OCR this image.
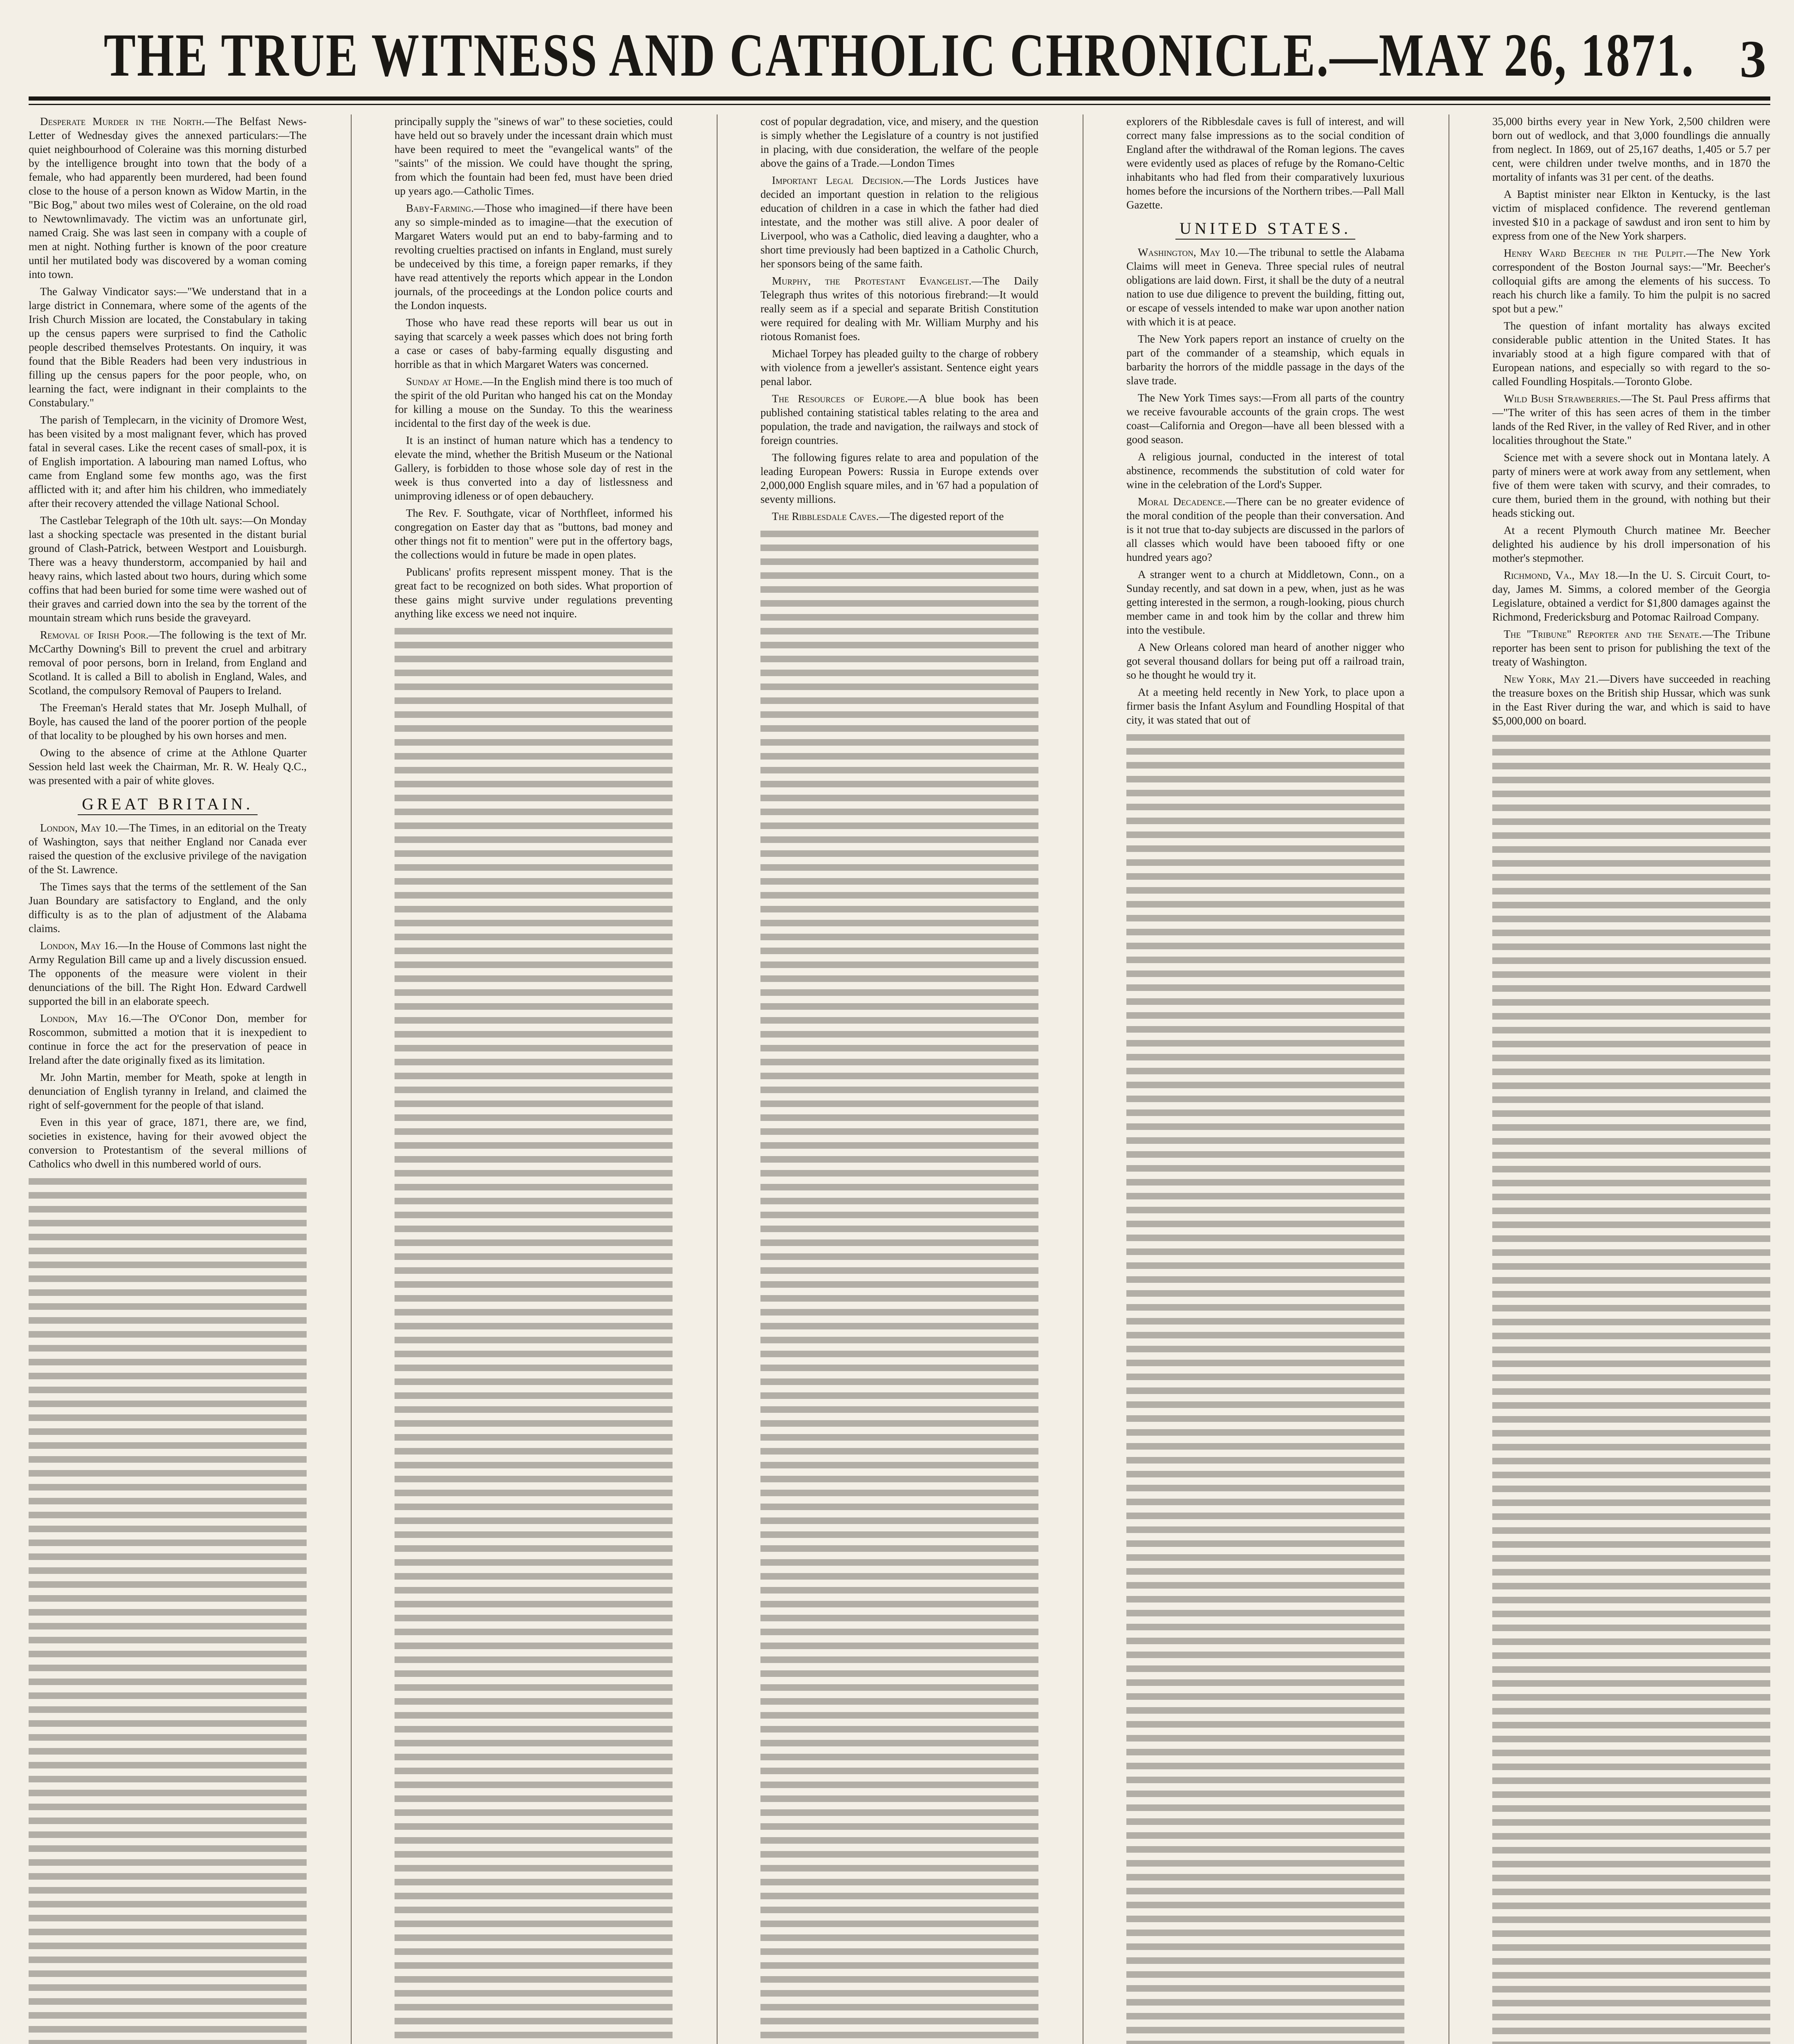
THE TRUE WITNESS AND CATHOLIC CHRONICLE.—MAY 26, 1871. 3

Desperate Murder in the North.—The Belfast News-Letter of Wednesday gives the annexed particulars:—The quiet neighbourhood of Coleraine was this morning disturbed by the intelligence brought into town that the body of a female, who had apparently been murdered, had been found close to the house of a person known as Widow Martin, in the "Bic Bog," about two miles west of Coleraine, on the old road to Newtownlimavady. The victim was an unfortunate girl, named Craig. She was last seen in company with a couple of men at night. Nothing further is known of the poor creature until her mutilated body was discovered by a woman coming into town.

The Galway Vindicator says:—"We understand that in a large district in Connemara, where some of the agents of the Irish Church Mission are located, the Constabulary in taking up the census papers were surprised to find the Catholic people described themselves Protestants. On inquiry, it was found that the Bible Readers had been very industrious in filling up the census papers for the poor people, who, on learning the fact, were indignant in their complaints to the Constabulary."

The parish of Templecarn, in the vicinity of Dromore West, has been visited by a most malignant fever, which has proved fatal in several cases. Like the recent cases of small-pox, it is of English importation. A labouring man named Loftus, who came from England some few months ago, was the first afflicted with it; and after him his children, who immediately after their recovery attended the village National School.

The Castlebar Telegraph of the 10th ult. says:—On Monday last a shocking spectacle was presented in the distant burial ground of Clash-Patrick, between Westport and Louisburgh. There was a heavy thunderstorm, accompanied by hail and heavy rains, which lasted about two hours, during which some coffins that had been buried for some time were washed out of their graves and carried down into the sea by the torrent of the mountain stream which runs beside the graveyard.

Removal of Irish Poor.—The following is the text of Mr. McCarthy Downing's Bill to prevent the cruel and arbitrary removal of poor persons, born in Ireland, from England and Scotland. It is called a Bill to abolish in England, Wales, and Scotland, the compulsory Removal of Paupers to Ireland.

The Freeman's Herald states that Mr. Joseph Mulhall, of Boyle, has caused the land of the poorer portion of the people of that locality to be ploughed by his own horses and men.

Owing to the absence of crime at the Athlone Quarter Session held last week the Chairman, Mr. R. W. Healy Q.C., was presented with a pair of white gloves.

GREAT BRITAIN.

London, May 10.—The Times, in an editorial on the Treaty of Washington, says that neither England nor Canada ever raised the question of the exclusive privilege of the navigation of the St. Lawrence.

The Times says that the terms of the settlement of the San Juan Boundary are satisfactory to England, and the only difficulty is as to the plan of adjustment of the Alabama claims.

London, May 16.—In the House of Commons last night the Army Regulation Bill came up and a lively discussion ensued. The opponents of the measure were violent in their denunciations of the bill. The Right Hon. Edward Cardwell supported the bill in an elaborate speech.

London, May 16.—The O'Conor Don, member for Roscommon, submitted a motion that it is inexpedient to continue in force the act for the preservation of peace in Ireland after the date originally fixed as its limitation.

Mr. John Martin, member for Meath, spoke at length in denunciation of English tyranny in Ireland, and claimed the right of self-government for the people of that island.

Even in this year of grace, 1871, there are, we find, societies in existence, having for their avowed object the conversion to Protestantism of the several millions of Catholics who dwell in this numbered world of ours.

principally supply the "sinews of war" to these societies, could have held out so bravely under the incessant drain which must have been required to meet the "evangelical wants" of the "saints" of the mission. We could have thought the spring, from which the fountain had been fed, must have been dried up years ago.—Catholic Times.

Baby-Farming.—Those who imagined—if there have been any so simple-minded as to imagine—that the execution of Margaret Waters would put an end to baby-farming and to revolting cruelties practised on infants in England, must surely be undeceived by this time, a foreign paper remarks, if they have read attentively the reports which appear in the London journals, of the proceedings at the London police courts and the London inquests.

Those who have read these reports will bear us out in saying that scarcely a week passes which does not bring forth a case or cases of baby-farming equally disgusting and horrible as that in which Margaret Waters was concerned.

Sunday at Home.—In the English mind there is too much of the spirit of the old Puritan who hanged his cat on the Monday for killing a mouse on the Sunday. To this the weariness incidental to the first day of the week is due.

It is an instinct of human nature which has a tendency to elevate the mind, whether the British Museum or the National Gallery, is forbidden to those whose sole day of rest in the week is thus converted into a day of listlessness and unimproving idleness or of open debauchery.

The Rev. F. Southgate, vicar of Northfleet, informed his congregation on Easter day that as "buttons, bad money and other things not fit to mention" were put in the offertory bags, the collections would in future be made in open plates.

Publicans' profits represent misspent money. That is the great fact to be recognized on both sides. What proportion of these gains might survive under regulations preventing anything like excess we need not inquire.

cost of popular degradation, vice, and misery, and the question is simply whether the Legislature of a country is not justified in placing, with due consideration, the welfare of the people above the gains of a Trade.—London Times

Important Legal Decision.—The Lords Justices have decided an important question in relation to the religious education of children in a case in which the father had died intestate, and the mother was still alive. A poor dealer of Liverpool, who was a Catholic, died leaving a daughter, who a short time previously had been baptized in a Catholic Church, her sponsors being of the same faith.

Murphy, the Protestant Evangelist.—The Daily Telegraph thus writes of this notorious firebrand:—It would really seem as if a special and separate British Constitution were required for dealing with Mr. William Murphy and his riotous Romanist foes.

Michael Torpey has pleaded guilty to the charge of robbery with violence from a jeweller's assistant. Sentence eight years penal labor.

The Resources of Europe.—A blue book has been published containing statistical tables relating to the area and population, the trade and navigation, the railways and stock of foreign countries.

The following figures relate to area and population of the leading European Powers: Russia in Europe extends over 2,000,000 English square miles, and in '67 had a population of seventy millions.

The Ribblesdale Caves.—The digested report of the

explorers of the Ribblesdale caves is full of interest, and will correct many false impressions as to the social condition of England after the withdrawal of the Roman legions. The caves were evidently used as places of refuge by the Romano-Celtic inhabitants who had fled from their comparatively luxurious homes before the incursions of the Northern tribes.—Pall Mall Gazette.

UNITED STATES.

Washington, May 10.—The tribunal to settle the Alabama Claims will meet in Geneva. Three special rules of neutral obligations are laid down. First, it shall be the duty of a neutral nation to use due diligence to prevent the building, fitting out, or escape of vessels intended to make war upon another nation with which it is at peace.

The New York papers report an instance of cruelty on the part of the commander of a steamship, which equals in barbarity the horrors of the middle passage in the days of the slave trade.

The New York Times says:—From all parts of the country we receive favourable accounts of the grain crops. The west coast—California and Oregon—have all been blessed with a good season.

A religious journal, conducted in the interest of total abstinence, recommends the substitution of cold water for wine in the celebration of the Lord's Supper.

Moral Decadence.—There can be no greater evidence of the moral condition of the people than their conversation. And is it not true that to-day subjects are discussed in the parlors of all classes which would have been tabooed fifty or one hundred years ago?

A stranger went to a church at Middletown, Conn., on a Sunday recently, and sat down in a pew, when, just as he was getting interested in the sermon, a rough-looking, pious church member came in and took him by the collar and threw him into the vestibule.

A New Orleans colored man heard of another nigger who got several thousand dollars for being put off a railroad train, so he thought he would try it.

At a meeting held recently in New York, to place upon a firmer basis the Infant Asylum and Foundling Hospital of that city, it was stated that out of

35,000 births every year in New York, 2,500 children were born out of wedlock, and that 3,000 foundlings die annually from neglect. In 1869, out of 25,167 deaths, 1,405 or 5.7 per cent, were children under twelve months, and in 1870 the mortality of infants was 31 per cent. of the deaths.

A Baptist minister near Elkton in Kentucky, is the last victim of misplaced confidence. The reverend gentleman invested $10 in a package of sawdust and iron sent to him by express from one of the New York sharpers.

Henry Ward Beecher in the Pulpit.—The New York correspondent of the Boston Journal says:—"Mr. Beecher's colloquial gifts are among the elements of his success. To reach his church like a family. To him the pulpit is no sacred spot but a pew."

The question of infant mortality has always excited considerable public attention in the United States. It has invariably stood at a high figure compared with that of European nations, and especially so with regard to the so-called Foundling Hospitals.—Toronto Globe.

Wild Bush Strawberries.—The St. Paul Press affirms that—"The writer of this has seen acres of them in the timber lands of the Red River, in the valley of Red River, and in other localities throughout the State."

Science met with a severe shock out in Montana lately. A party of miners were at work away from any settlement, when five of them were taken with scurvy, and their comrades, to cure them, buried them in the ground, with nothing but their heads sticking out.

At a recent Plymouth Church matinee Mr. Beecher delighted his audience by his droll impersonation of his mother's stepmother.

Richmond, Va., May 18.—In the U. S. Circuit Court, to-day, James M. Simms, a colored member of the Georgia Legislature, obtained a verdict for $1,800 damages against the Richmond, Fredericksburg and Potomac Railroad Company.

The "Tribune" Reporter and the Senate.—The Tribune reporter has been sent to prison for publishing the text of the treaty of Washington.

New York, May 21.—Divers have succeeded in reaching the treasure boxes on the British ship Hussar, which was sunk in the East River during the war, and which is said to have $5,000,000 on board.
